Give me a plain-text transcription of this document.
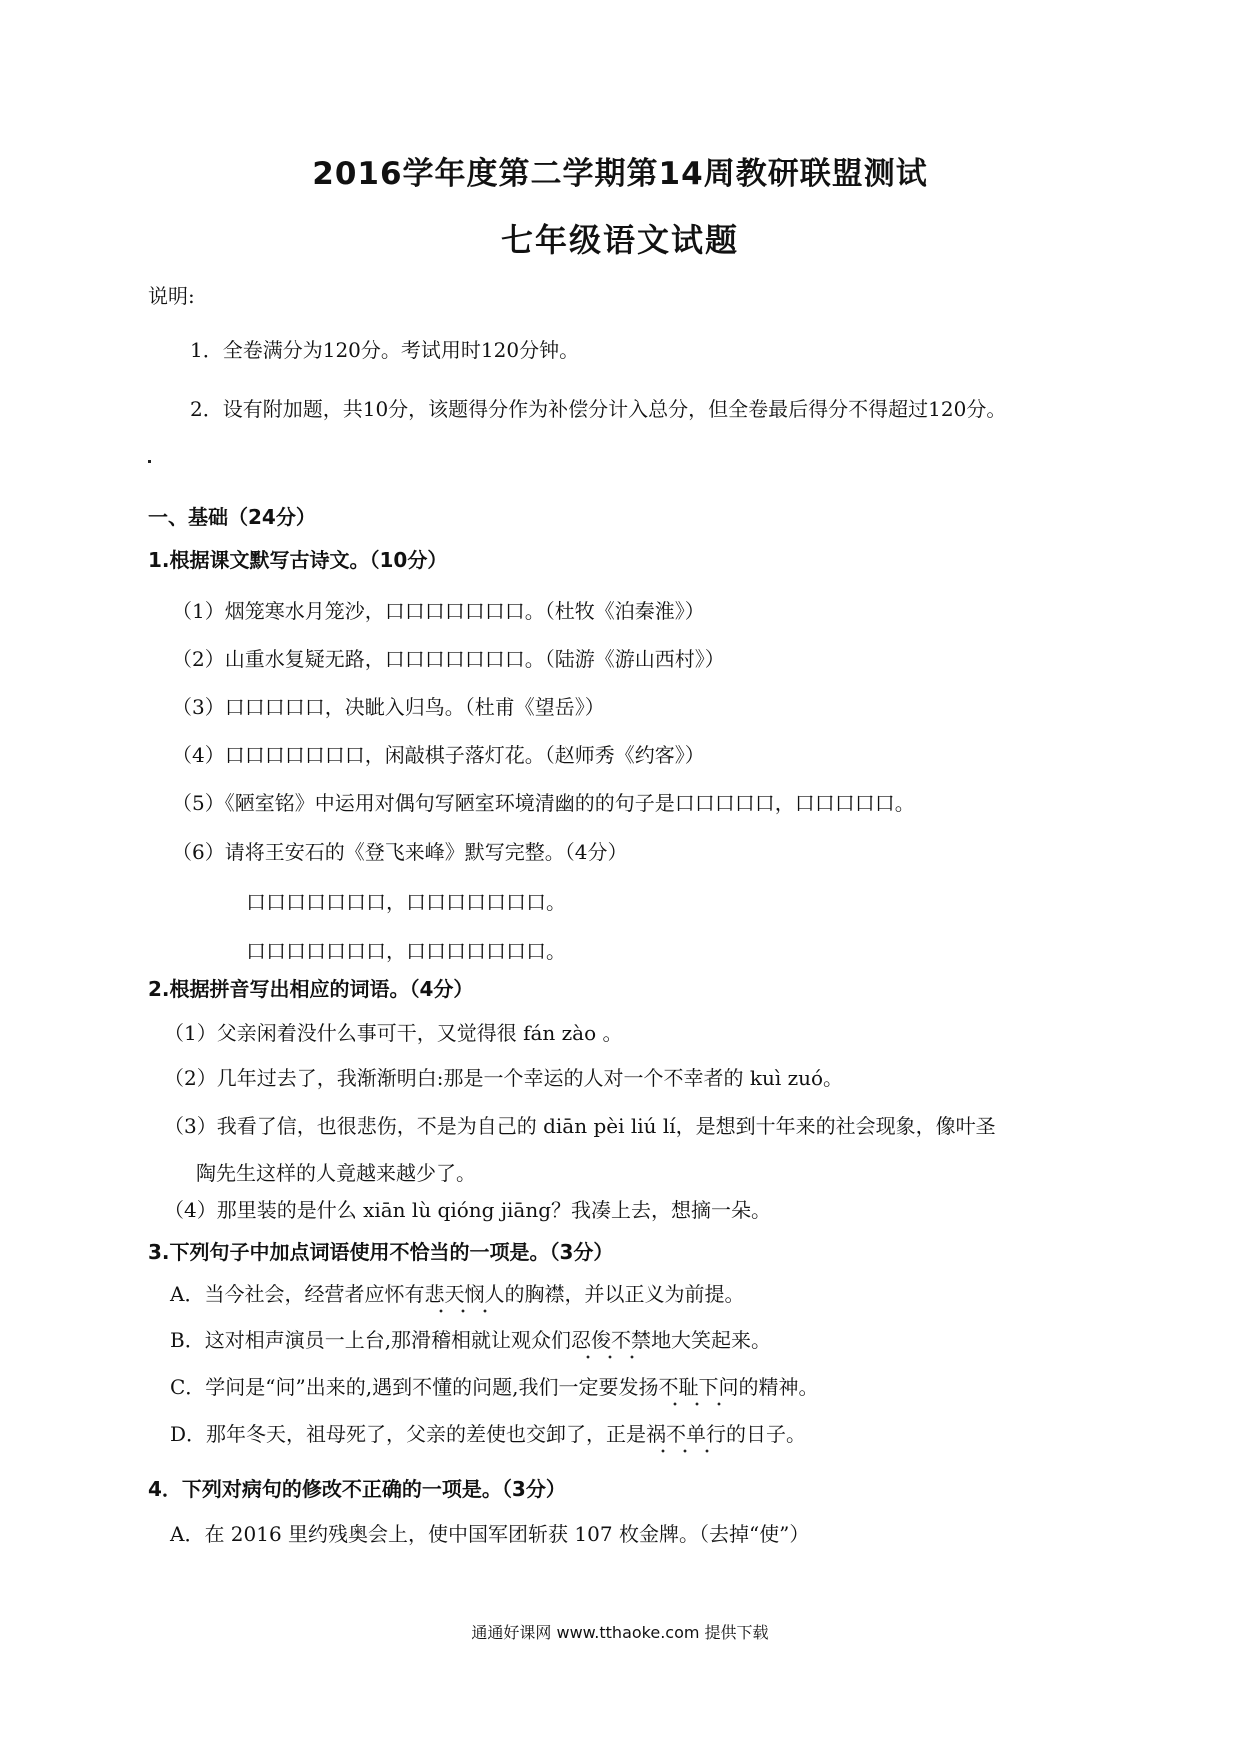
2016学年度第二学期第14周教研联盟测试
七年级语文试题
说明:
1．全卷满分为120分。考试用时120分钟。
2．设有附加题，共10分，该题得分作为补偿分计入总分，但全卷最后得分不得超过120分。
一、基础（24分）
1.根据课文默写古诗文。（10分）
（1）烟笼寒水月笼沙，口口口口口口口。（杜牧《泊秦淮》）
（2）山重水复疑无路，口口口口口口口。（陆游《游山西村》）
（3）口口口口口，决眦入归鸟。（杜甫《望岳》）
（4）口口口口口口口，闲敲棋子落灯花。（赵师秀《约客》）
（5）《陋室铭》中运用对偶句写陋室环境清幽的的句子是口口口口口，口口口口口。
（6）请将王安石的《登飞来峰》默写完整。（4分）
口口口口口口口，口口口口口口口。
口口口口口口口，口口口口口口口。
2.根据拼音写出相应的词语。（4分）
（1）父亲闲着没什么事可干，又觉得很 fán zào 。
（2）几年过去了，我渐渐明白:那是一个幸运的人对一个不幸者的 kuì zuó。
（3）我看了信，也很悲伤，不是为自己的 diān pèi liú lí，是想到十年来的社会现象，像叶圣
陶先生这样的人竟越来越少了。
（4）那里装的是什么 xiān lù qióng jiāng？我凑上去，想摘一朵。
3.下列句子中加点词语使用不恰当的一项是。（3分）
A．当今社会，经营者应怀有悲天悯人的胸襟，并以正义为前提。
B．这对相声演员一上台,那滑稽相就让观众们忍俊不禁地大笑起来。
C．学问是“问”出来的,遇到不懂的问题,我们一定要发扬不耻下问的精神。
D．那年冬天，祖母死了，父亲的差使也交卸了，正是祸不单行的日子。
4．下列对病句的修改不正确的一项是。（3分）
A．在 2016 里约残奥会上，使中国军团斩获 107 枚金牌。（去掉“使”）
通通好课网 www.tthaoke.com 提供下载
